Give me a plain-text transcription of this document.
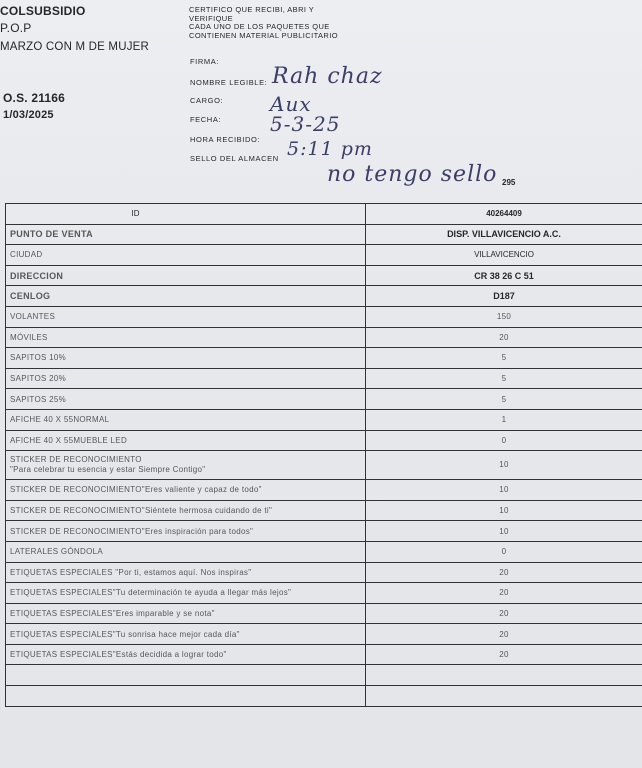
COLSUBSIDIO
P.O.P
MARZO CON M DE MUJER
O.S. 21166
1/03/2025
CERTIFICO QUE RECIBI, ABRI Y
VERIFIQUE
CADA UNO DE LOS PAQUETES QUE
CONTIENEN MATERIAL PUBLICITARIO
FIRMA:
NOMBRE LEGIBLE:
CARGO:
FECHA:
HORA RECIBIDO:
SELLO DEL ALMACEN
Rah chaz
Aux
5-3-25
5:11 pm
no tengo sello 295
ID	40264409
PUNTO DE VENTA	DISP. VILLAVICENCIO A.C.
CIUDAD	VILLAVICENCIO
DIRECCION	CR 38 26 C 51
CENLOG	D187
VOLANTES	150
MÓVILES	20
SAPITOS 10%	5
SAPITOS 20%	5
SAPITOS 25%	5
AFICHE 40 X 55NORMAL	1
AFICHE 40 X 55MUEBLE LED	0
STICKER DE RECONOCIMIENTO
"Para celebrar tu esencia y estar Siempre Contigo"	10
STICKER DE RECONOCIMIENTO"Eres valiente y capaz de todo"	10
STICKER DE RECONOCIMIENTO"Siéntete hermosa cuidando de ti"	10
STICKER DE RECONOCIMIENTO"Eres inspiración para todos"	10
LATERALES GÓNDOLA	0
ETIQUETAS ESPECIALES "Por ti, estamos aquí. Nos inspiras"	20
ETIQUETAS ESPECIALES"Tu determinación te ayuda a llegar más lejos"	20
ETIQUETAS ESPECIALES"Eres imparable y se nota"	20
ETIQUETAS ESPECIALES"Tu sonrisa hace mejor cada día"	20
ETIQUETAS ESPECIALES"Estás decidida a lograr todo"	20
